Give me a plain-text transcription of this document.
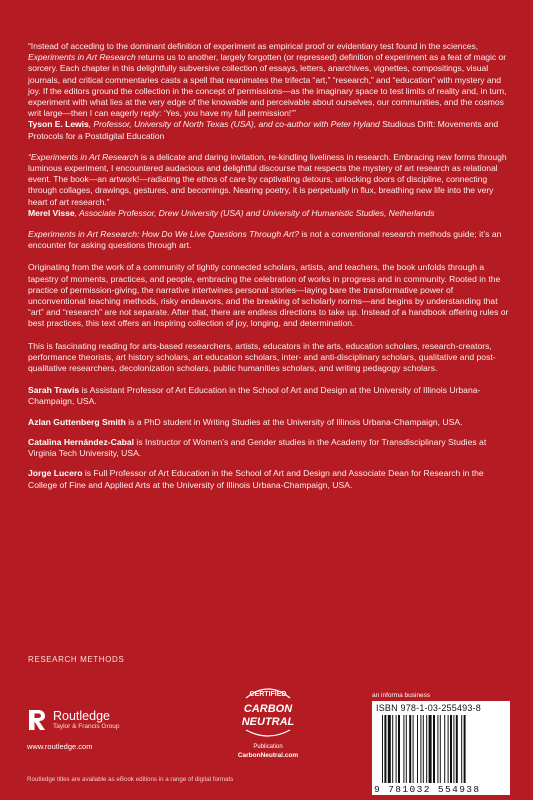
“Instead of acceding to the dominant definition of experiment as empirical proof or evidentiary test found in the sciences, Experiments in Art Research returns us to another, largely forgotten (or repressed) definition of experiment as a feat of magic or sorcery. Each chapter in this delightfully subversive collection of essays, letters, anarchives, vignettes, compositings, visual journals, and critical commentaries casts a spell that reanimates the trifecta “art,” “research,” and “education” with mystery and joy. If the editors ground the collection in the concept of permissions—as the imaginary space to test limits of reality and, in turn, experiment with what lies at the very edge of the knowable and perceivable about ourselves, our communities, and the cosmos writ large—then I can eagerly reply: ‘Yes, you have my full permission!’”
Tyson E. Lewis, Professor, University of North Texas (USA), and co-author with Peter Hyland Studious Drift: Movements and Protocols for a Postdigital Education

“Experiments in Art Research is a delicate and daring invitation, re-kindling liveliness in research. Embracing new forms through luminous experiment, I encountered audacious and delightful discourse that respects the mystery of art research as relational event. The book—an artwork!—radiating the ethos of care by captivating detours, unlocking doors of discipline, connecting through collages, drawings, gestures, and becomings. Nearing poetry, it is perpetually in flux, breathing new life into the very heart of art research.”
Merel Visse, Associate Professor, Drew University (USA) and University of Humanistic Studies, Netherlands

Experiments in Art Research: How Do We Live Questions Through Art? is not a conventional research methods guide; it’s an encounter for asking questions through art.

Originating from the work of a community of tightly connected scholars, artists, and teachers, the book unfolds through a tapestry of moments, practices, and people, embracing the celebration of works in progress and in community. Rooted in the practice of permission-giving, the narrative intertwines personal stories—laying bare the transformative power of unconventional teaching methods, risky endeavors, and the breaking of scholarly norms—and begins by understanding that “art” and “research” are not separate. After that, there are endless directions to take up. Instead of a handbook offering rules or best practices, this text offers an inspiring collection of joy, longing, and determination.

This is fascinating reading for arts-based researchers, artists, educators in the arts, education scholars, research-creators, performance theorists, art history scholars, art education scholars, inter- and anti-disciplinary scholars, qualitative and post-qualitative researchers, decolonization scholars, public humanities scholars, and writing pedagogy scholars.

Sarah Travis is Assistant Professor of Art Education in the School of Art and Design at the University of Illinois Urbana-Champaign, USA.

Azlan Guttenberg Smith is a PhD student in Writing Studies at the University of Illinois Urbana-Champaign, USA.

Catalina Hernández-Cabal is Instructor of Women’s and Gender studies in the Academy for Transdisciplinary Studies at Virginia Tech University, USA.

Jorge Lucero is Full Professor of Art Education in the School of Art and Design and Associate Dean for Research in the College of Fine and Applied Arts at the University of Illinois Urbana-Champaign, USA.

RESEARCH METHODS
Routledge
Taylor & Francis Group
www.routledge.com
CERTIFIED
CARBON
NEUTRAL
Publication
CarbonNeutral.com
an informa business
ISBN 978-1-03-255493-8
9 781032 554938
Routledge titles are available as eBook editions in a range of digital formats
